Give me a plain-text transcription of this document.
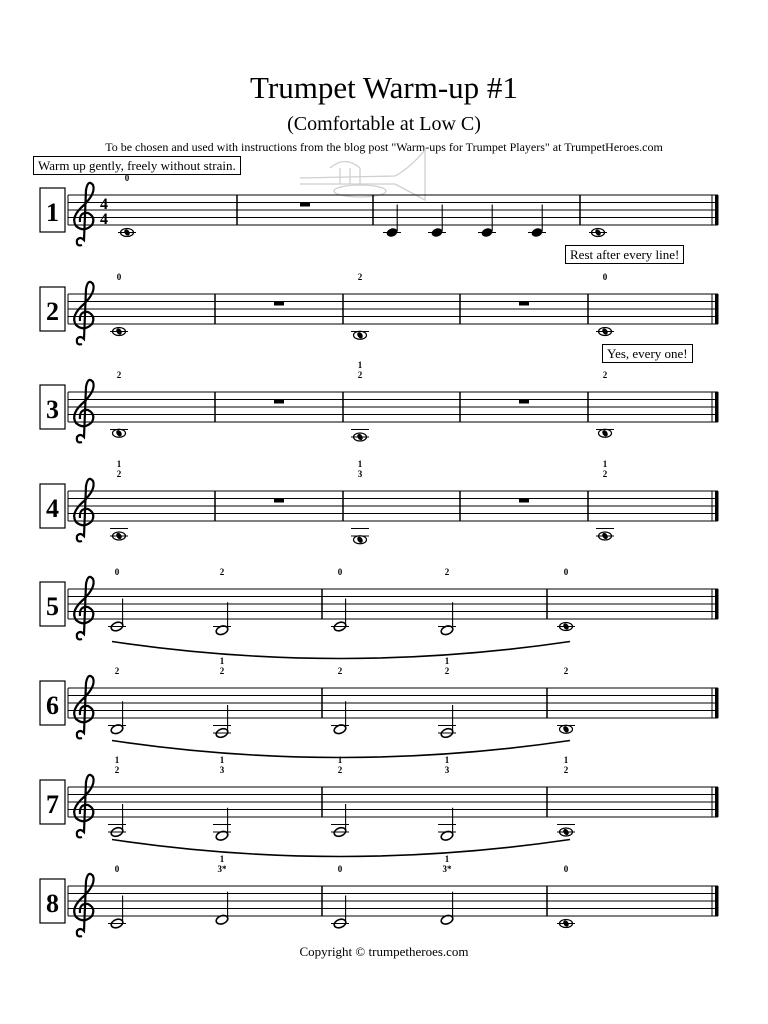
Trumpet Warm-up #1
(Comfortable at Low C)
To be chosen and used with instructions from the blog post "Warm-ups for Trumpet Players" at TrumpetHeroes.com
Warm up gently, freely without strain.
Rest after every line!
Yes, every one!
1	4
4
0
2
0	2	0
3
2
1 2	2
4
1 2
1 3
1 2
5
0	2	0	2	0
6
2
1 2	2
1 2	2
7
1 2
1 3
1 2
1 3
1 2
8
0
1 3*	0
1 3*	0
Copyright © trumpetheroes.com
